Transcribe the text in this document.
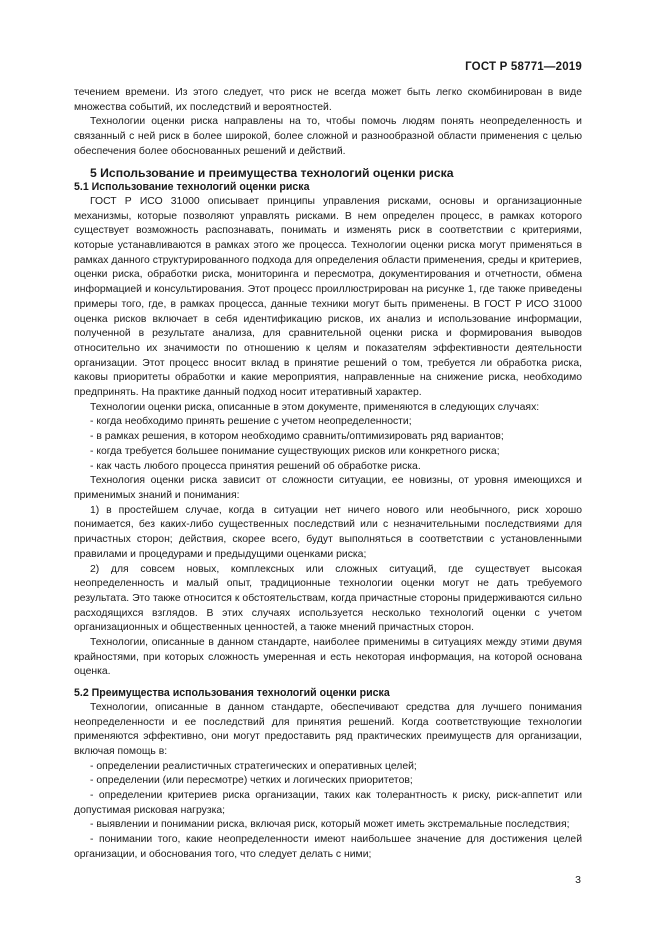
ГОСТ Р 58771—2019

течением времени. Из этого следует, что риск не всегда может быть легко скомбинирован в виде множества событий, их последствий и вероятностей.

Технологии оценки риска направлены на то, чтобы помочь людям понять неопределенность и связанный с ней риск в более широкой, более сложной и разнообразной области применения с целью обеспечения более обоснованных решений и действий.

5 Использование и преимущества технологий оценки риска

5.1 Использование технологий оценки риска

ГОСТ Р ИСО 31000 описывает принципы управления рисками, основы и организационные механизмы, которые позволяют управлять рисками. В нем определен процесс, в рамках которого существует возможность распознавать, понимать и изменять риск в соответствии с критериями, которые устанавливаются в рамках этого же процесса. Технологии оценки риска могут применяться в рамках данного структурированного подхода для определения области применения, среды и критериев, оценки риска, обработки риска, мониторинга и пересмотра, документирования и отчетности, обмена информацией и консультирования. Этот процесс проиллюстрирован на рисунке 1, где также приведены примеры того, где, в рамках процесса, данные техники могут быть применены. В ГОСТ Р ИСО 31000 оценка рисков включает в себя идентификацию рисков, их анализ и использование информации, полученной в результате анализа, для сравнительной оценки риска и формирования выводов относительно их значимости по отношению к целям и показателям эффективности деятельности организации. Этот процесс вносит вклад в принятие решений о том, требуется ли обработка риска, каковы приоритеты обработки и какие мероприятия, направленные на снижение риска, необходимо предпринять. На практике данный подход носит итеративный характер.

Технологии оценки риска, описанные в этом документе, применяются в следующих случаях:

- когда необходимо принять решение с учетом неопределенности;

- в рамках решения, в котором необходимо сравнить/оптимизировать ряд вариантов;

- когда требуется большее понимание существующих рисков или конкретного риска;

- как часть любого процесса принятия решений об обработке риска.

Технология оценки риска зависит от сложности ситуации, ее новизны, от уровня имеющихся и применимых знаний и понимания:

1) в простейшем случае, когда в ситуации нет ничего нового или необычного, риск хорошо понимается, без каких-либо существенных последствий или с незначительными последствиями для причастных сторон; действия, скорее всего, будут выполняться в соответствии с установленными правилами и процедурами и предыдущими оценками риска;

2) для совсем новых, комплексных или сложных ситуаций, где существует высокая неопределенность и малый опыт, традиционные технологии оценки могут не дать требуемого результата. Это также относится к обстоятельствам, когда причастные стороны придерживаются сильно расходящихся взглядов. В этих случаях используется несколько технологий оценки с учетом организационных и общественных ценностей, а также мнений причастных сторон.

Технологии, описанные в данном стандарте, наиболее применимы в ситуациях между этими двумя крайностями, при которых сложность умеренная и есть некоторая информация, на которой основана оценка.

5.2 Преимущества использования технологий оценки риска

Технологии, описанные в данном стандарте, обеспечивают средства для лучшего понимания неопределенности и ее последствий для принятия решений. Когда соответствующие технологии применяются эффективно, они могут предоставить ряд практических преимуществ для организации, включая помощь в:

- определении реалистичных стратегических и оперативных целей;

- определении (или пересмотре) четких и логических приоритетов;

- определении критериев риска организации, таких как толерантность к риску, риск-аппетит или допустимая рисковая нагрузка;

- выявлении и понимании риска, включая риск, который может иметь экстремальные последствия;

- понимании того, какие неопределенности имеют наибольшее значение для достижения целей организации, и обоснования того, что следует делать с ними;

3
